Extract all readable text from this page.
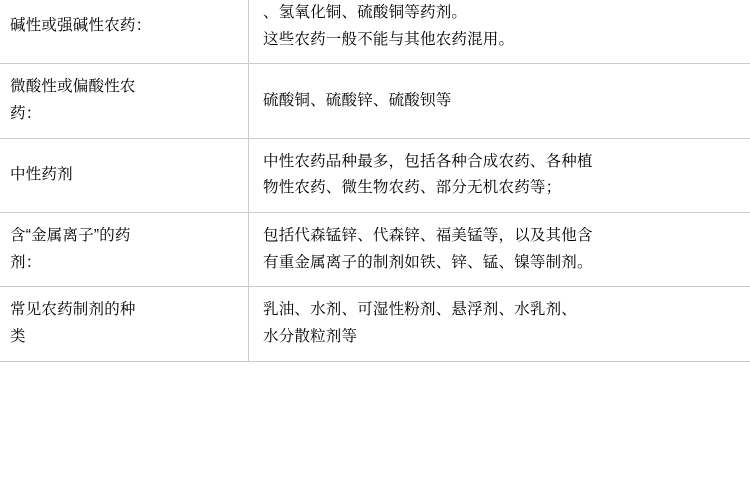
碱性或强碱性农药：	、氢氧化铜、硫酸铜等药剂。
这些农药一般不能与其他农药混用。

微酸性或偏酸性农
药：	硫酸铜、硫酸锌、硫酸钡等

中性药剂	中性农药品种最多，包括各种合成农药、各种植
物性农药、微生物农药、部分无机农药等；

含“金属离子”的药
剂：	包括代森锰锌、代森锌、福美锰等，以及其他含
有重金属离子的制剂如铁、锌、锰、镍等制剂。

常见农药制剂的种
类	乳油、水剂、可湿性粉剂、悬浮剂、水乳剂、
水分散粒剂等
